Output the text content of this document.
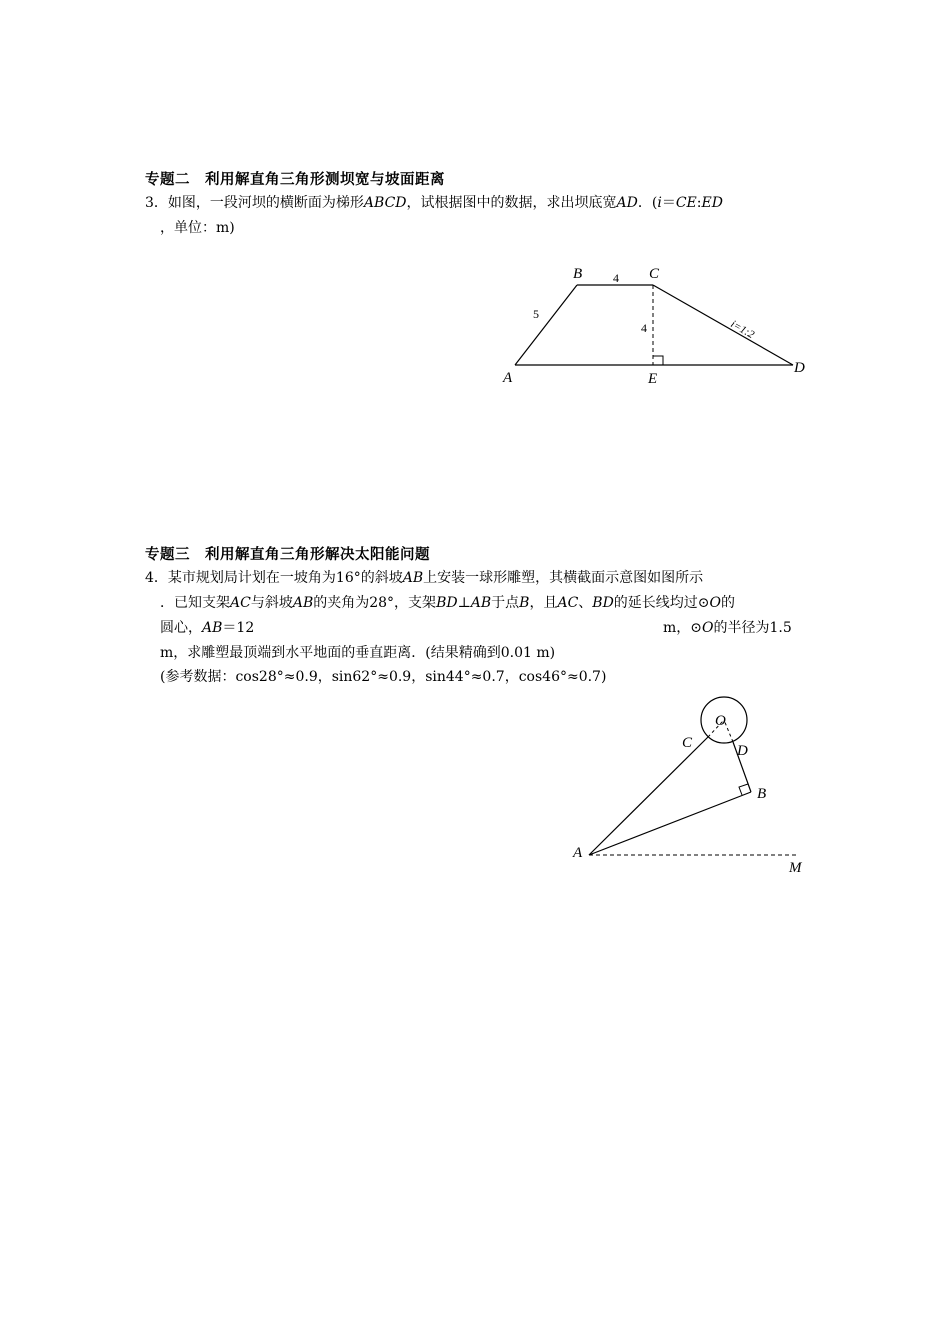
专题二　利用解直角三角形测坝宽与坡面距离
3．如图，一段河坝的横断面为梯形ABCD，试根据图中的数据，求出坝底宽AD．(i＝CE:ED
，单位：m)
B	C
A	E
D
4
5
4	i=1:2
专题三　利用解直角三角形解决太阳能问题
4．某市规划局计划在一坡角为16°的斜坡AB上安装一球形雕塑，其横截面示意图如图所示
．已知支架AC与斜坡AB的夹角为28°，支架BD⊥AB于点B，且AC、BD的延长线均过⊙O的
圆心，AB＝12	m，⊙O的半径为1.5
m，求雕塑最顶端到水平地面的垂直距离．(结果精确到0.01 m)
(参考数据：cos28°≈0.9，sin62°≈0.9，sin44°≈0.7，cos46°≈0.7)
O
C	D
B
A
M
